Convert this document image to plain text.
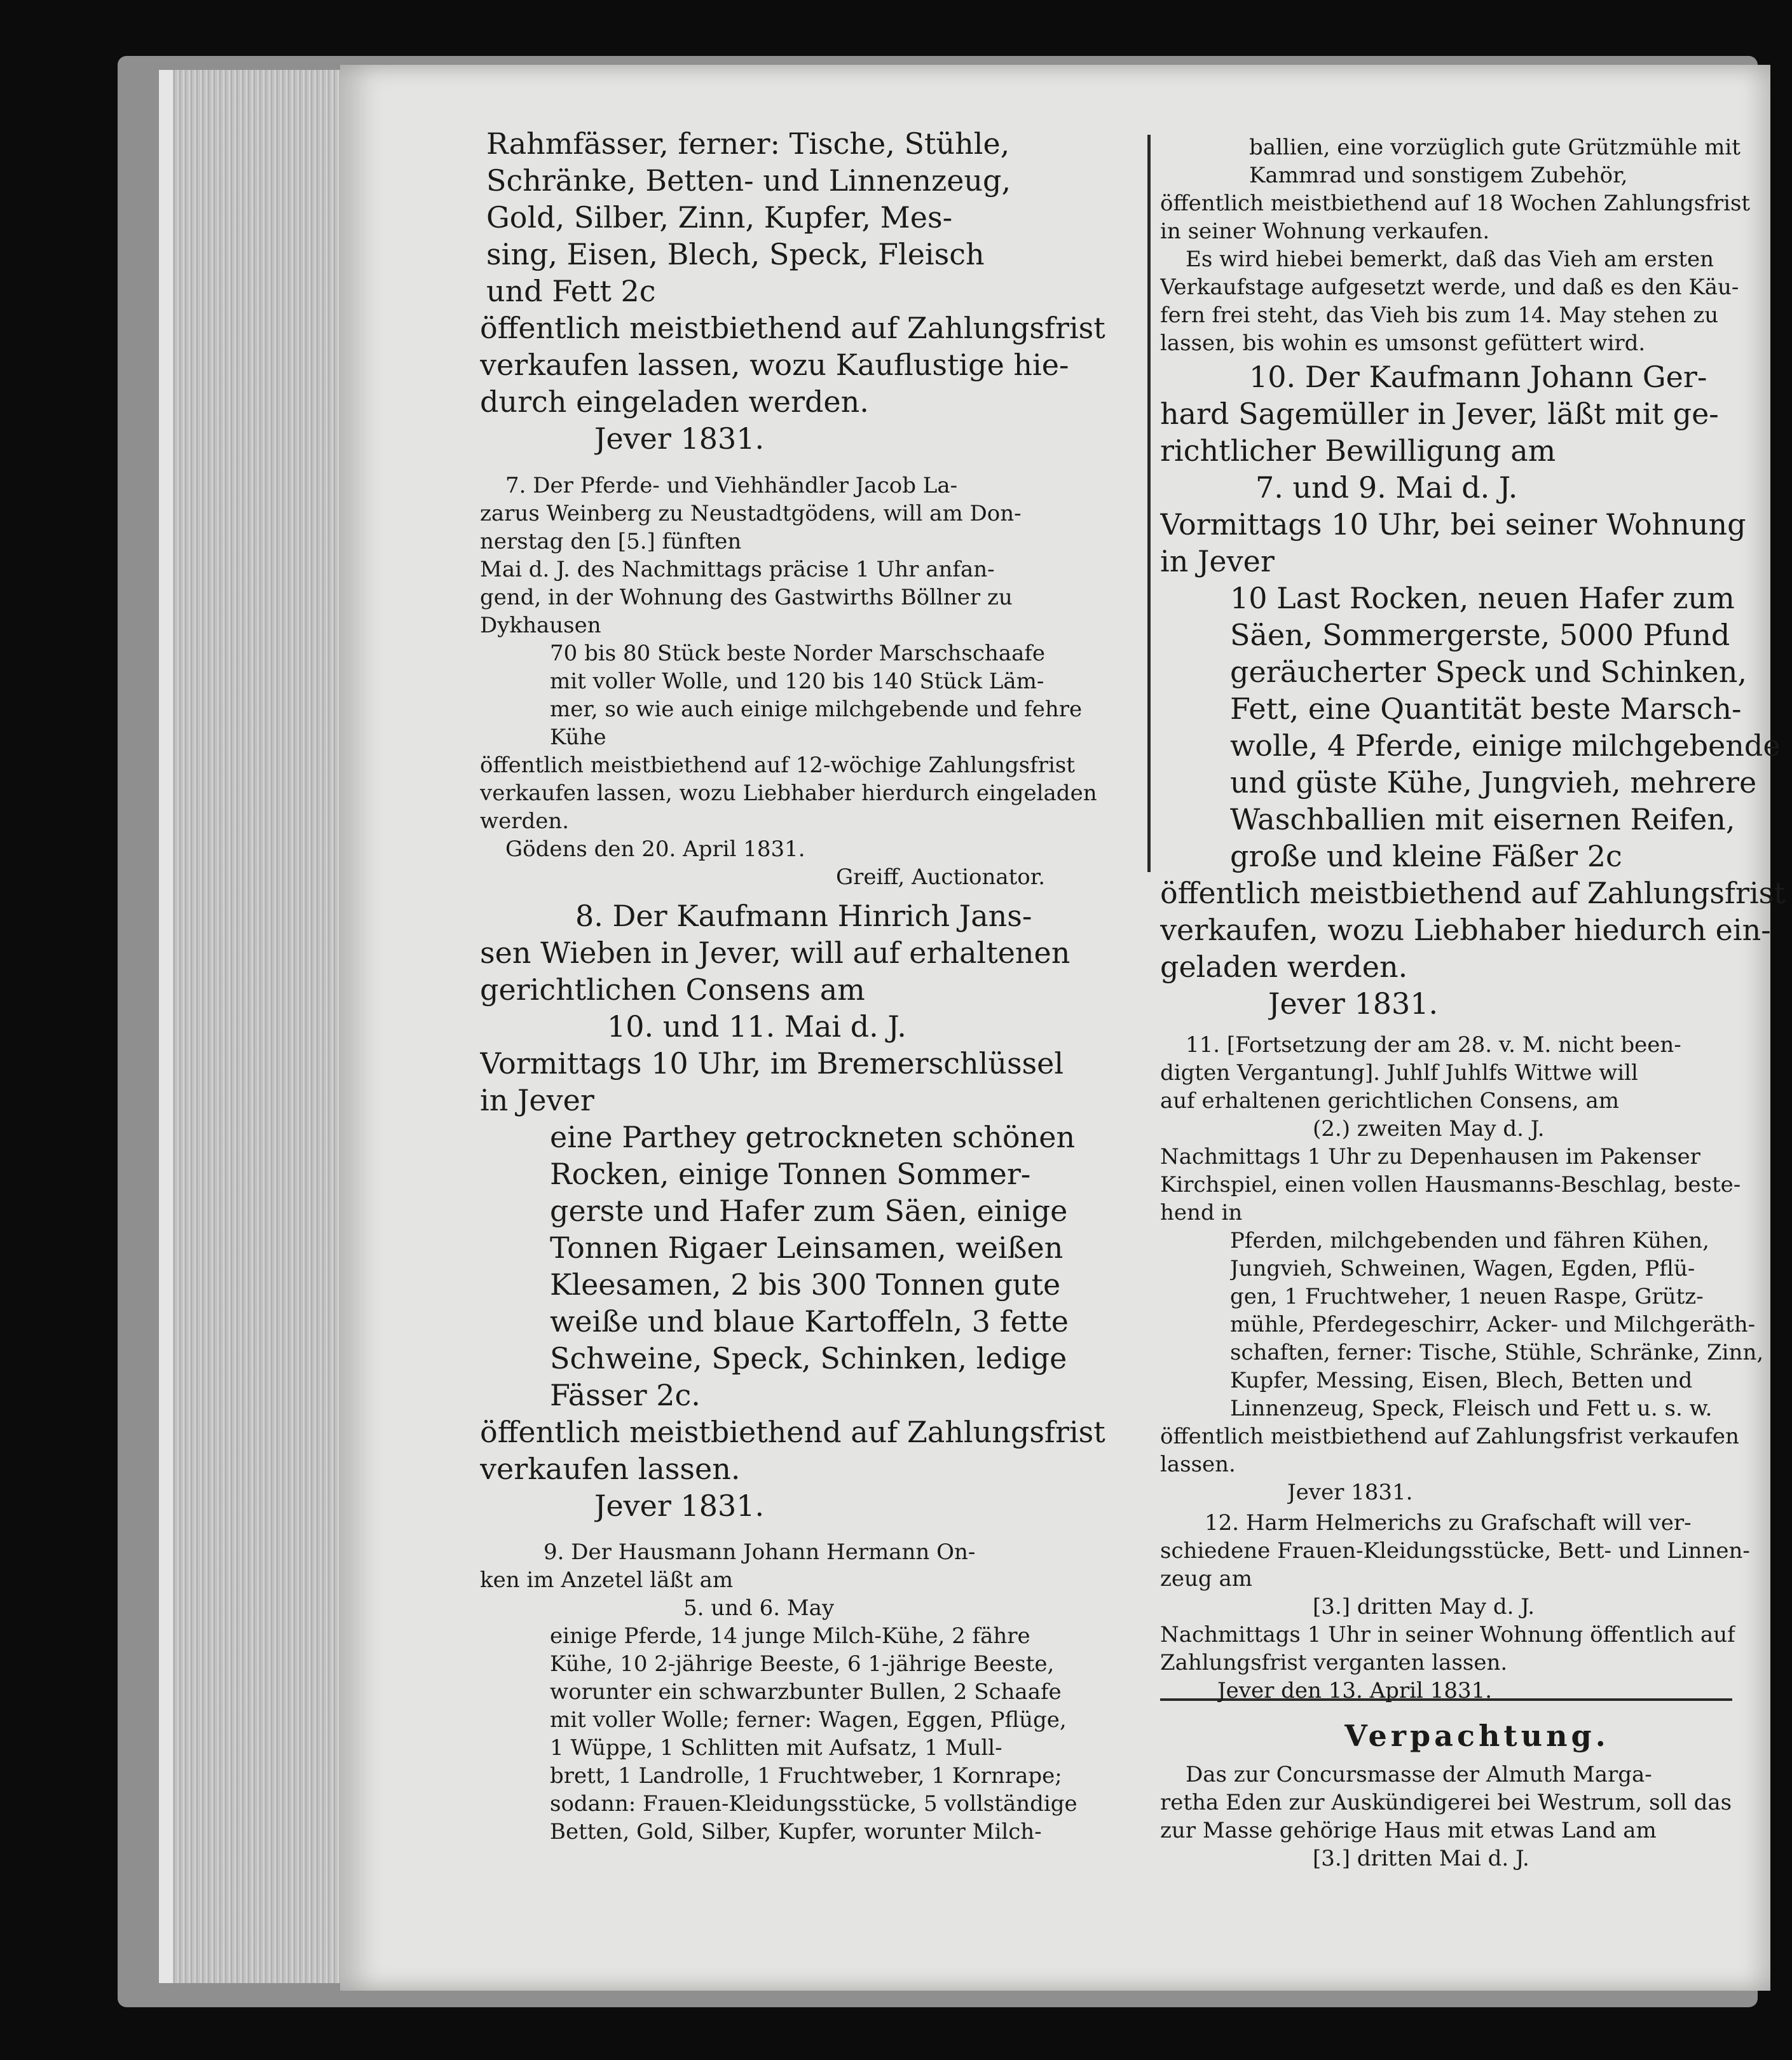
Rahmfässer, ferner: Tische, Stühle,
Schränke, Betten- und Linnenzeug,
Gold, Silber, Zinn, Kupfer, Mes-
sing, Eisen, Blech, Speck, Fleisch
und Fett 2c
öffentlich meistbiethend auf Zahlungsfrist
verkaufen lassen, wozu Kauflustige hie-
durch eingeladen werden.
Jever 1831.
7. Der Pferde- und Viehhändler Jacob La-
zarus Weinberg zu Neustadtgödens, will am Don-
nerstag den [5.] fünften
Mai d. J. des Nachmittags präcise 1 Uhr anfan-
gend, in der Wohnung des Gastwirths Böllner zu
Dykhausen
70 bis 80 Stück beste Norder Marschschaafe
mit voller Wolle, und 120 bis 140 Stück Läm-
mer, so wie auch einige milchgebende und fehre
Kühe
öffentlich meistbiethend auf 12-wöchige Zahlungsfrist
verkaufen lassen, wozu Liebhaber hierdurch eingeladen
werden.
Gödens den 20. April 1831.
Greiff, Auctionator.
8. Der Kaufmann Hinrich Jans-
sen Wieben in Jever, will auf erhaltenen
gerichtlichen Consens am
10. und 11. Mai d. J.
Vormittags 10 Uhr, im Bremerschlüssel
in Jever
eine Parthey getrockneten schönen
Rocken, einige Tonnen Sommer-
gerste und Hafer zum Säen, einige
Tonnen Rigaer Leinsamen, weißen
Kleesamen, 2 bis 300 Tonnen gute
weiße und blaue Kartoffeln, 3 fette
Schweine, Speck, Schinken, ledige
Fässer 2c.
öffentlich meistbiethend auf Zahlungsfrist
verkaufen lassen.
Jever 1831.
9. Der Hausmann Johann Hermann On-
ken im Anzetel läßt am
5. und 6. May
einige Pferde, 14 junge Milch-Kühe, 2 fähre
Kühe, 10 2-jährige Beeste, 6 1-jährige Beeste,
worunter ein schwarzbunter Bullen, 2 Schaafe
mit voller Wolle; ferner: Wagen, Eggen, Pflüge,
1 Wüppe, 1 Schlitten mit Aufsatz, 1 Mull-
brett, 1 Landrolle, 1 Fruchtweber, 1 Kornrape;
sodann: Frauen-Kleidungsstücke, 5 vollständige
Betten, Gold, Silber, Kupfer, worunter Milch-
ballien, eine vorzüglich gute Grützmühle mit
Kammrad und sonstigem Zubehör,
öffentlich meistbiethend auf 18 Wochen Zahlungsfrist
in seiner Wohnung verkaufen.
Es wird hiebei bemerkt, daß das Vieh am ersten
Verkaufstage aufgesetzt werde, und daß es den Käu-
fern frei steht, das Vieh bis zum 14. May stehen zu
lassen, bis wohin es umsonst gefüttert wird.
10. Der Kaufmann Johann Ger-
hard Sagemüller in Jever, läßt mit ge-
richtlicher Bewilligung am
7. und 9. Mai d. J.
Vormittags 10 Uhr, bei seiner Wohnung
in Jever
10 Last Rocken, neuen Hafer zum
Säen, Sommergerste, 5000 Pfund
geräucherter Speck und Schinken,
Fett, eine Quantität beste Marsch-
wolle, 4 Pferde, einige milchgebende
und güste Kühe, Jungvieh, mehrere
Waschballien mit eisernen Reifen,
große und kleine Fäßer 2c
öffentlich meistbiethend auf Zahlungsfrist
verkaufen, wozu Liebhaber hiedurch ein-
geladen werden.
Jever 1831.
11. [Fortsetzung der am 28. v. M. nicht been-
digten Vergantung]. Juhlf Juhlfs Wittwe will
auf erhaltenen gerichtlichen Consens, am
(2.) zweiten May d. J.
Nachmittags 1 Uhr zu Depenhausen im Pakenser
Kirchspiel, einen vollen Hausmanns-Beschlag, beste-
hend in
Pferden, milchgebenden und fähren Kühen,
Jungvieh, Schweinen, Wagen, Egden, Pflü-
gen, 1 Fruchtweher, 1 neuen Raspe, Grütz-
mühle, Pferdegeschirr, Acker- und Milchgeräth-
schaften, ferner: Tische, Stühle, Schränke, Zinn,
Kupfer, Messing, Eisen, Blech, Betten und
Linnenzeug, Speck, Fleisch und Fett u. s. w.
öffentlich meistbiethend auf Zahlungsfrist verkaufen
lassen.
Jever 1831.
12. Harm Helmerichs zu Grafschaft will ver-
schiedene Frauen-Kleidungsstücke, Bett- und Linnen-
zeug am
[3.] dritten May d. J.
Nachmittags 1 Uhr in seiner Wohnung öffentlich auf
Zahlungsfrist verganten lassen.
Jever den 13. April 1831.
Verpachtung.
Das zur Concursmasse der Almuth Marga-
retha Eden zur Auskündigerei bei Westrum, soll das
zur Masse gehörige Haus mit etwas Land am
[3.] dritten Mai d. J.
